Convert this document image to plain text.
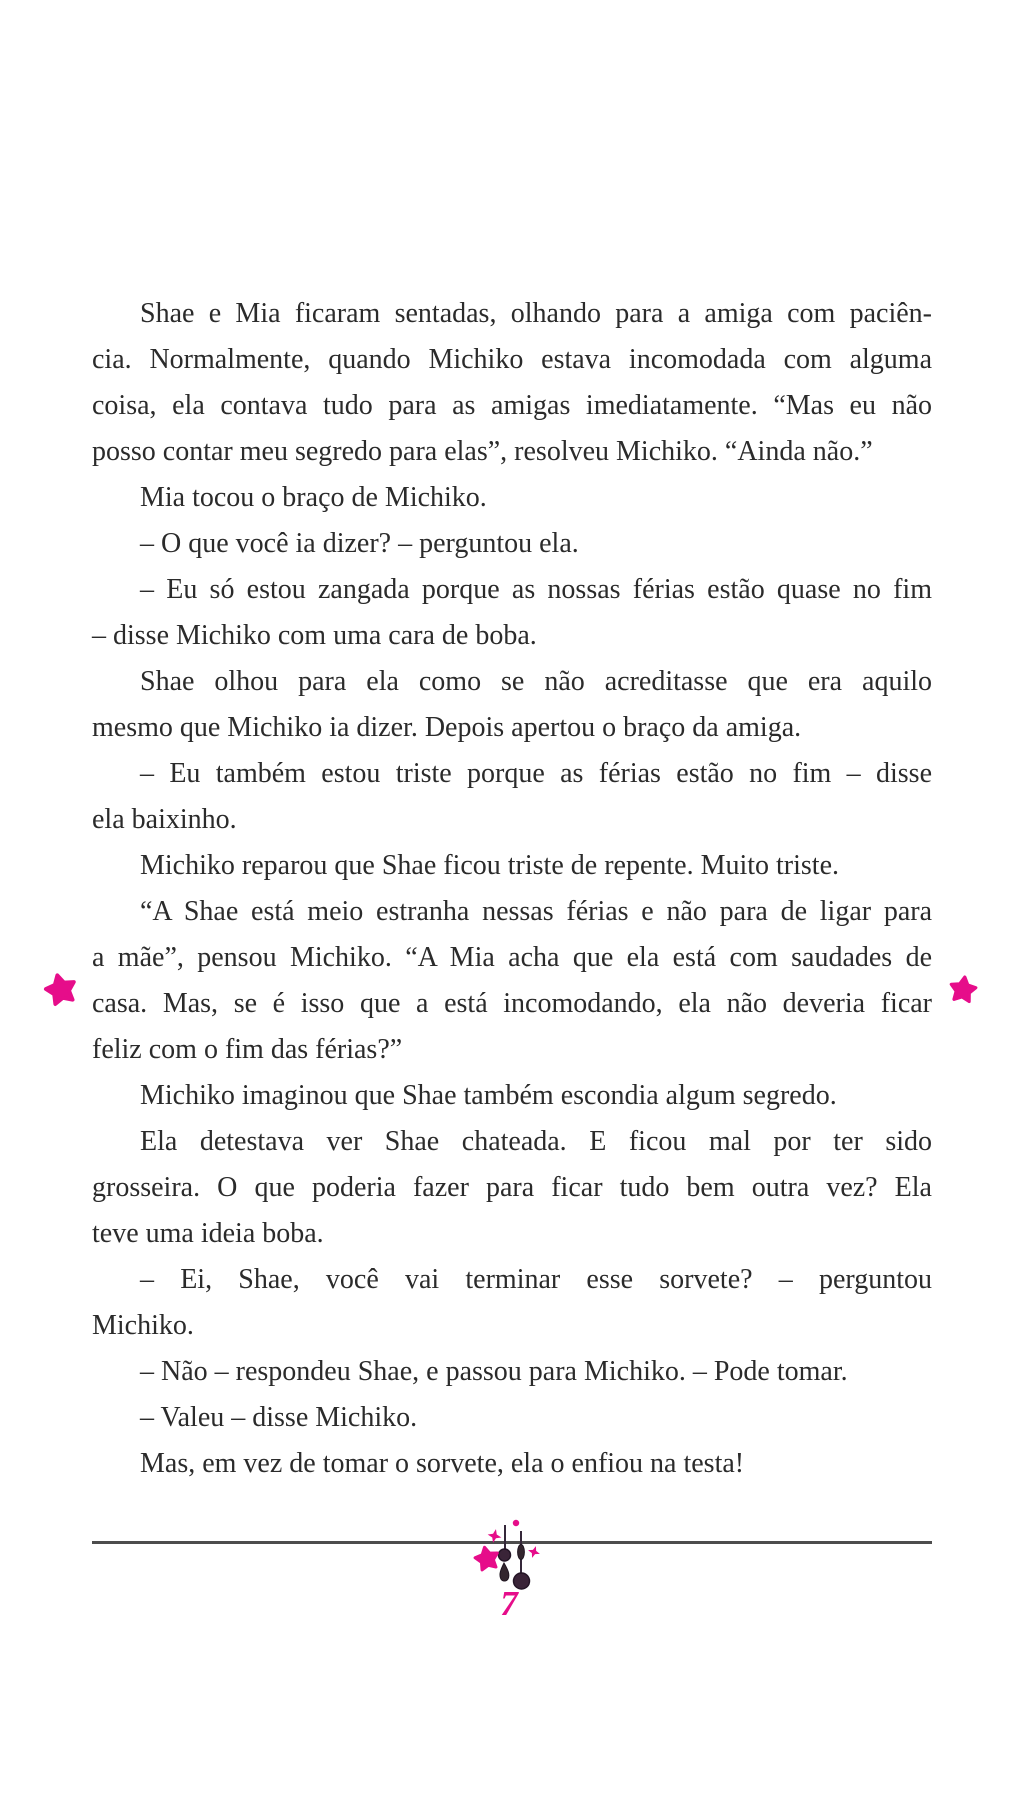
Shae e Mia ficaram sentadas, olhando para a amiga com paciên-
cia. Normalmente, quando Michiko estava incomodada com alguma
coisa, ela contava tudo para as amigas imediatamente. “Mas eu não
posso contar meu segredo para elas”, resolveu Michiko. “Ainda não.”

Mia tocou o braço de Michiko.

– O que você ia dizer? – perguntou ela.

– Eu só estou zangada porque as nossas férias estão quase no fim
– disse Michiko com uma cara de boba.

Shae olhou para ela como se não acreditasse que era aquilo
mesmo que Michiko ia dizer. Depois apertou o braço da amiga.

– Eu também estou triste porque as férias estão no fim – disse
ela baixinho.

Michiko reparou que Shae ficou triste de repente. Muito triste.

“A Shae está meio estranha nessas férias e não para de ligar para
a mãe”, pensou Michiko. “A Mia acha que ela está com saudades de
casa. Mas, se é isso que a está incomodando, ela não deveria ficar
feliz com o fim das férias?”

Michiko imaginou que Shae também escondia algum segredo.

Ela detestava ver Shae chateada. E ficou mal por ter sido
grosseira. O que poderia fazer para ficar tudo bem outra vez? Ela
teve uma ideia boba.

– Ei, Shae, você vai terminar esse sorvete? – perguntou
Michiko.

– Não – respondeu Shae, e passou para Michiko. – Pode tomar.

– Valeu – disse Michiko.

Mas, em vez de tomar o sorvete, ela o enfiou na testa!

7
